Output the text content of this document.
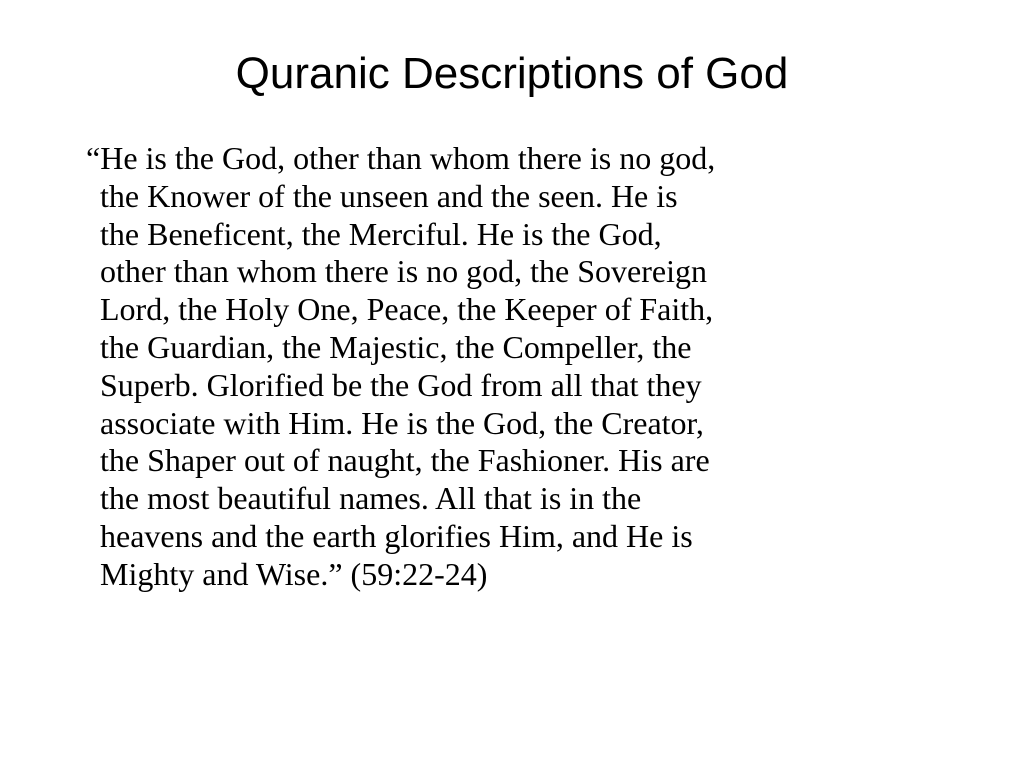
Quranic Descriptions of God
“He is the God, other than whom there is no god,
the Knower of the unseen and the seen. He is
the Beneficent, the Merciful. He is the God,
other than whom there is no god, the Sovereign
Lord, the Holy One, Peace, the Keeper of Faith,
the Guardian, the Majestic, the Compeller, the
Superb. Glorified be the God from all that they
associate with Him. He is the God, the Creator,
the Shaper out of naught, the Fashioner. His are
the most beautiful names. All that is in the
heavens and the earth glorifies Him, and He is
Mighty and Wise.” (59:22-24)
